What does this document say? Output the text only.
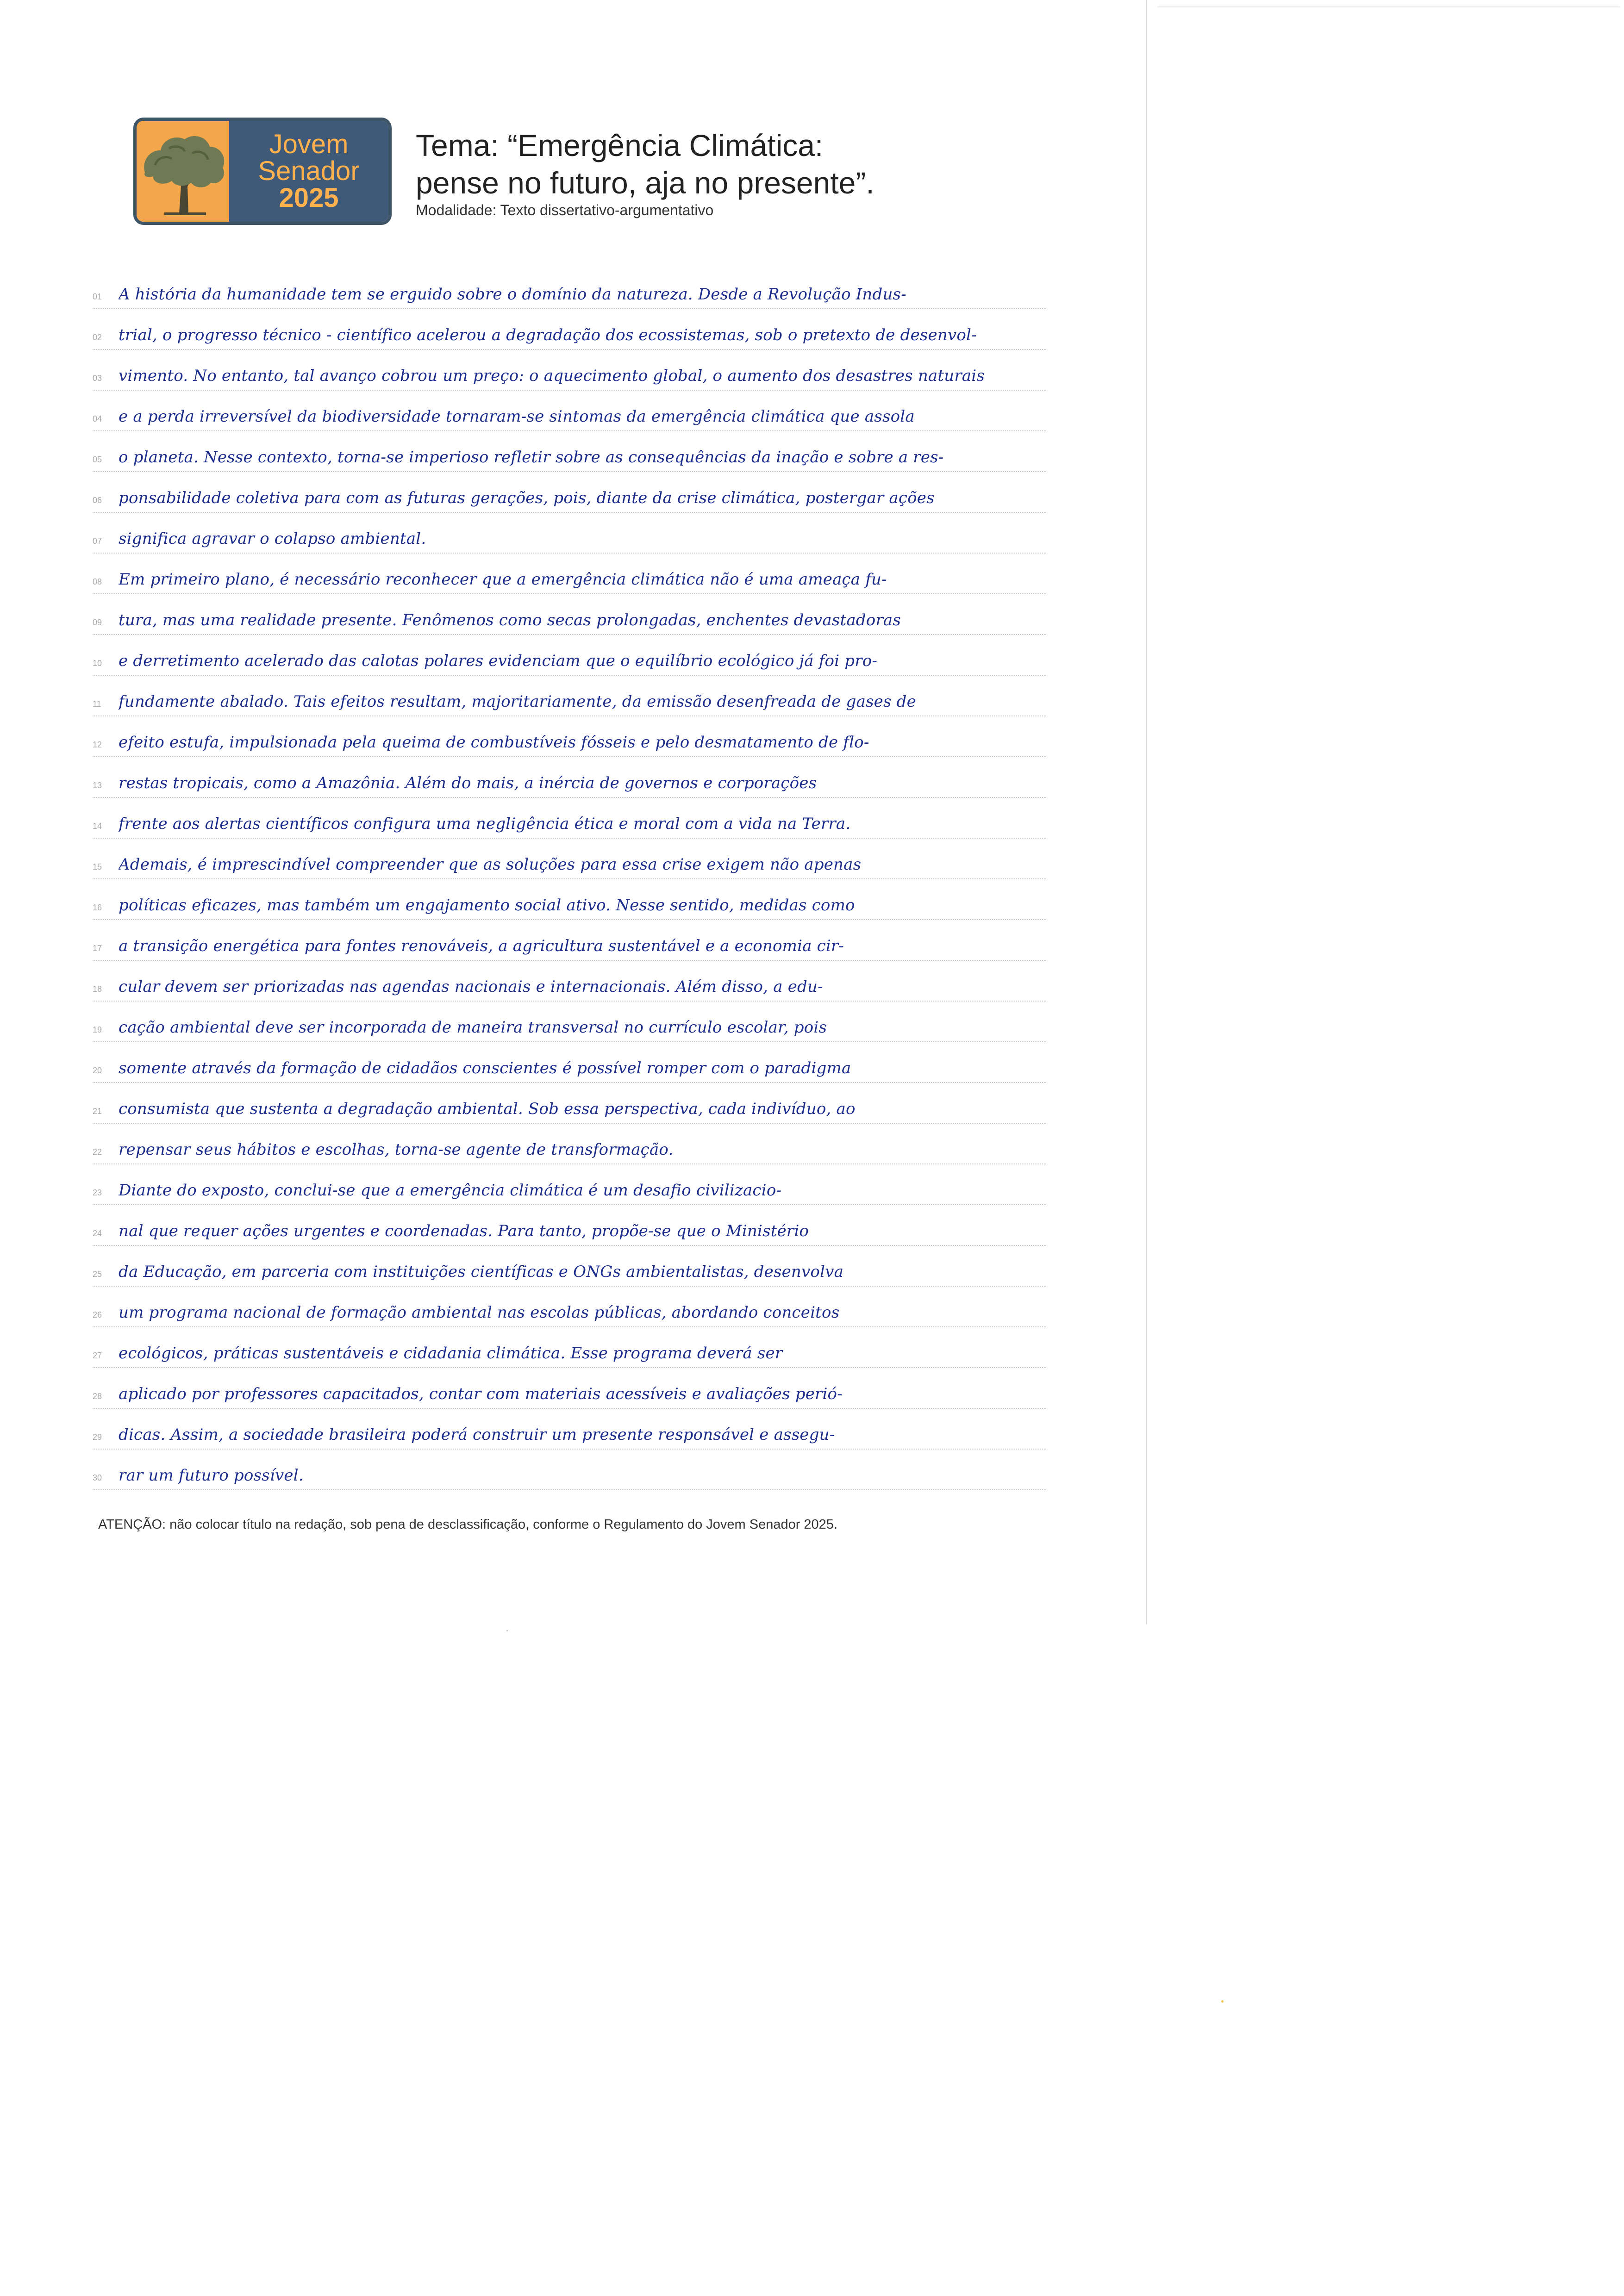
Jovem
Senador
2025
Tema: “Emergência Climática:
pense no futuro, aja no presente”.
Modalidade: Texto dissertativo-argumentativo
01 A história da humanidade tem se erguido sobre o domínio da natureza. Desde a Revolução Indus-
02 trial, o progresso técnico - científico acelerou a degradação dos ecossistemas, sob o pretexto de desenvol-
03 vimento. No entanto, tal avanço cobrou um preço: o aquecimento global, o aumento dos desastres naturais
04 e a perda irreversível da biodiversidade tornaram-se sintomas da emergência climática que assola
05 o planeta. Nesse contexto, torna-se imperioso refletir sobre as consequências da inação e sobre a res-
06 ponsabilidade coletiva para com as futuras gerações, pois, diante da crise climática, postergar ações
07 significa agravar o colapso ambiental.
08 Em primeiro plano, é necessário reconhecer que a emergência climática não é uma ameaça fu-
09 tura, mas uma realidade presente. Fenômenos como secas prolongadas, enchentes devastadoras
10 e derretimento acelerado das calotas polares evidenciam que o equilíbrio ecológico já foi pro-
11 fundamente abalado. Tais efeitos resultam, majoritariamente, da emissão desenfreada de gases de
12 efeito estufa, impulsionada pela queima de combustíveis fósseis e pelo desmatamento de flo-
13 restas tropicais, como a Amazônia. Além do mais, a inércia de governos e corporações
14 frente aos alertas científicos configura uma negligência ética e moral com a vida na Terra.
15 Ademais, é imprescindível compreender que as soluções para essa crise exigem não apenas
16 políticas eficazes, mas também um engajamento social ativo. Nesse sentido, medidas como
17 a transição energética para fontes renováveis, a agricultura sustentável e a economia cir-
18 cular devem ser priorizadas nas agendas nacionais e internacionais. Além disso, a edu-
19 cação ambiental deve ser incorporada de maneira transversal no currículo escolar, pois
20 somente através da formação de cidadãos conscientes é possível romper com o paradigma
21 consumista que sustenta a degradação ambiental. Sob essa perspectiva, cada indivíduo, ao
22 repensar seus hábitos e escolhas, torna-se agente de transformação.
23 Diante do exposto, conclui-se que a emergência climática é um desafio civilizacio-
24 nal que requer ações urgentes e coordenadas. Para tanto, propõe-se que o Ministério
25 da Educação, em parceria com instituições científicas e ONGs ambientalistas, desenvolva
26 um programa nacional de formação ambiental nas escolas públicas, abordando conceitos
27 ecológicos, práticas sustentáveis e cidadania climática. Esse programa deverá ser
28 aplicado por professores capacitados, contar com materiais acessíveis e avaliações perió-
29 dicas. Assim, a sociedade brasileira poderá construir um presente responsável e assegu-
30 rar um futuro possível.
ATENÇÃO: não colocar título na redação, sob pena de desclassificação, conforme o Regulamento do Jovem Senador 2025.
